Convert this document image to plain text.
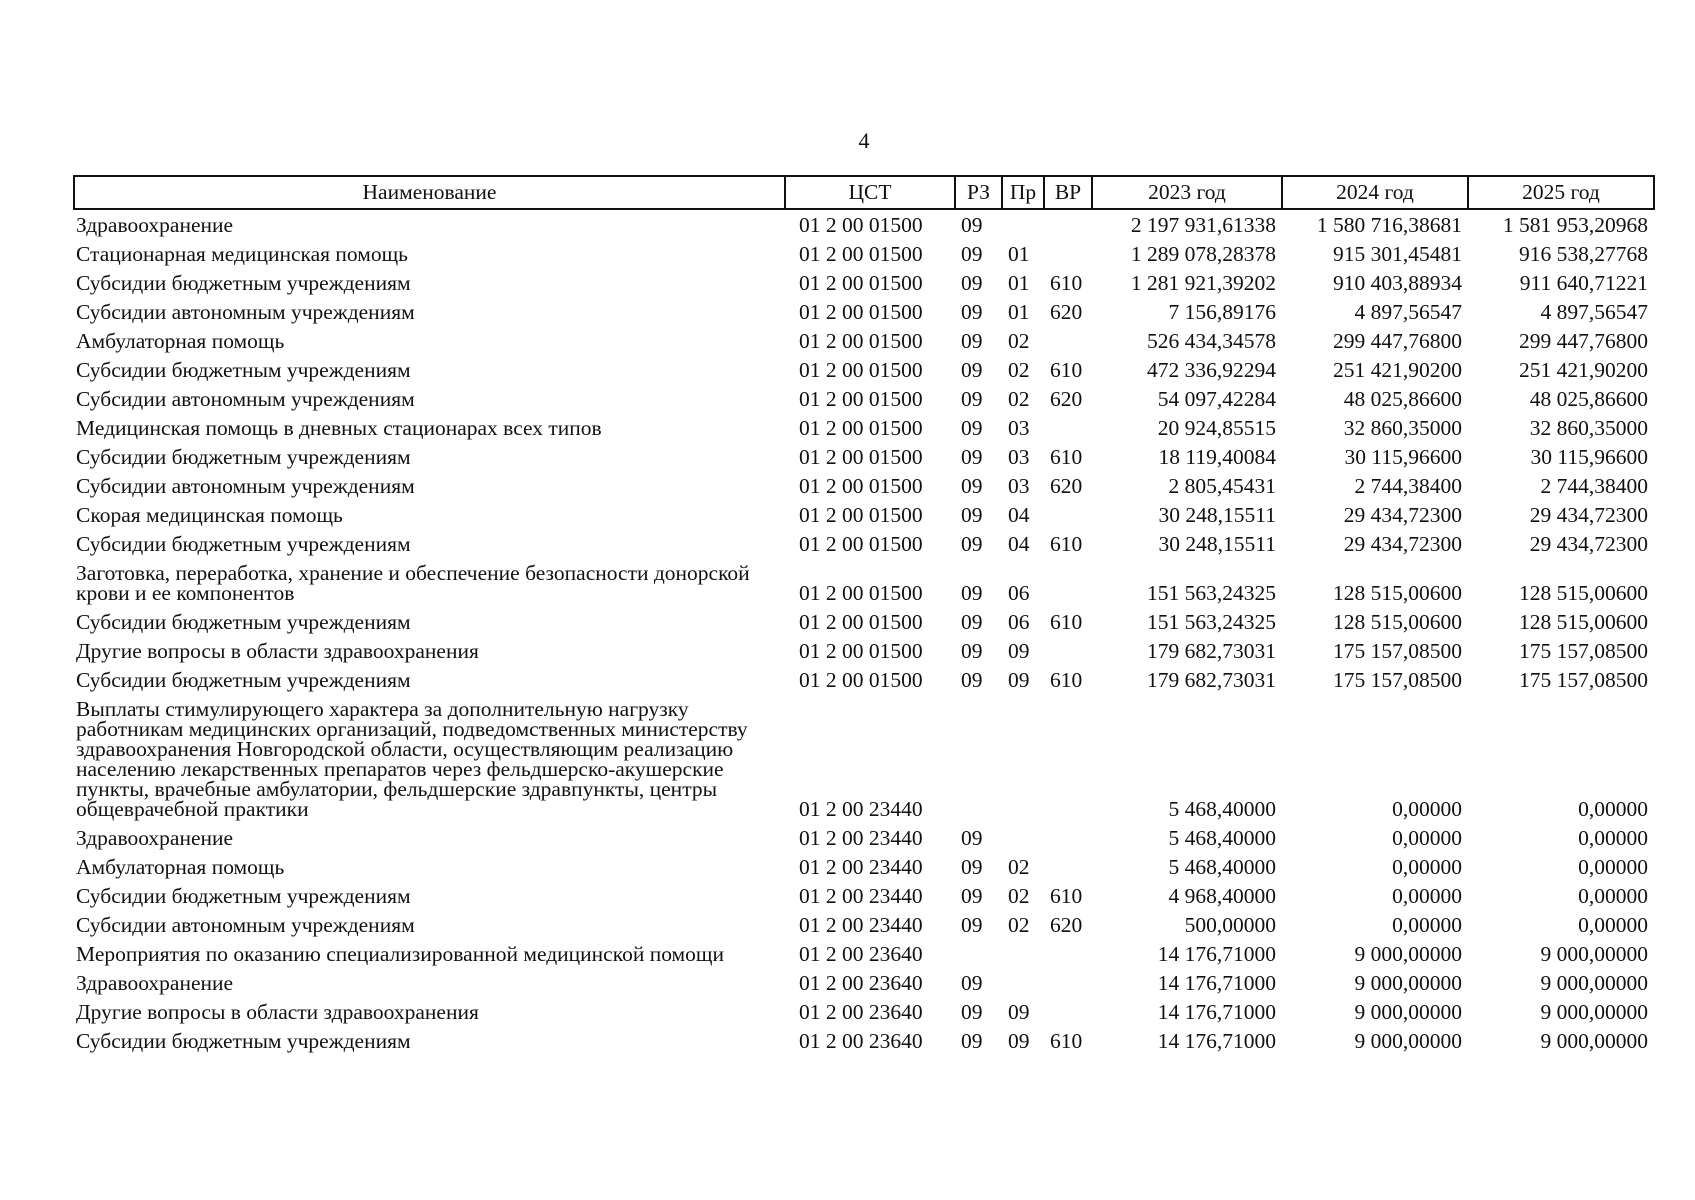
4
Наименование	ЦСТ	РЗ	Пр	ВР	2023 год	2024 год	2025 год
Здравоохранение	01 2 00 01500	09			2 197 931,61338	1 580 716,38681	1 581 953,20968
Стационарная медицинская помощь	01 2 00 01500	09	01		1 289 078,28378	915 301,45481	916 538,27768
Субсидии бюджетным учреждениям	01 2 00 01500	09	01	610	1 281 921,39202	910 403,88934	911 640,71221
Субсидии автономным учреждениям	01 2 00 01500	09	01	620	7 156,89176	4 897,56547	4 897,56547
Амбулаторная помощь	01 2 00 01500	09	02		526 434,34578	299 447,76800	299 447,76800
Субсидии бюджетным учреждениям	01 2 00 01500	09	02	610	472 336,92294	251 421,90200	251 421,90200
Субсидии автономным учреждениям	01 2 00 01500	09	02	620	54 097,42284	48 025,86600	48 025,86600
Медицинская помощь в дневных стационарах всех типов	01 2 00 01500	09	03		20 924,85515	32 860,35000	32 860,35000
Субсидии бюджетным учреждениям	01 2 00 01500	09	03	610	18 119,40084	30 115,96600	30 115,96600
Субсидии автономным учреждениям	01 2 00 01500	09	03	620	2 805,45431	2 744,38400	2 744,38400
Скорая медицинская помощь	01 2 00 01500	09	04		30 248,15511	29 434,72300	29 434,72300
Субсидии бюджетным учреждениям	01 2 00 01500	09	04	610	30 248,15511	29 434,72300	29 434,72300
Заготовка, переработка, хранение и обеспечение безопасности донорской крови и ее компонентов	01 2 00 01500	09	06		151 563,24325	128 515,00600	128 515,00600
Субсидии бюджетным учреждениям	01 2 00 01500	09	06	610	151 563,24325	128 515,00600	128 515,00600
Другие вопросы в области здравоохранения	01 2 00 01500	09	09		179 682,73031	175 157,08500	175 157,08500
Субсидии бюджетным учреждениям	01 2 00 01500	09	09	610	179 682,73031	175 157,08500	175 157,08500
Выплаты стимулирующего характера за дополнительную нагрузку работникам медицинских организаций, подведомственных министерству здравоохранения Новгородской области, осуществляющим реализацию населению лекарственных препаратов через фельдшерско-акушерские пункты, врачебные амбулатории, фельдшерские здравпункты, центры общеврачебной практики	01 2 00 23440				5 468,40000	0,00000	0,00000
Здравоохранение	01 2 00 23440	09			5 468,40000	0,00000	0,00000
Амбулаторная помощь	01 2 00 23440	09	02		5 468,40000	0,00000	0,00000
Субсидии бюджетным учреждениям	01 2 00 23440	09	02	610	4 968,40000	0,00000	0,00000
Субсидии автономным учреждениям	01 2 00 23440	09	02	620	500,00000	0,00000	0,00000
Мероприятия по оказанию специализированной медицинской помощи	01 2 00 23640				14 176,71000	9 000,00000	9 000,00000
Здравоохранение	01 2 00 23640	09			14 176,71000	9 000,00000	9 000,00000
Другие вопросы в области здравоохранения	01 2 00 23640	09	09		14 176,71000	9 000,00000	9 000,00000
Субсидии бюджетным учреждениям	01 2 00 23640	09	09	610	14 176,71000	9 000,00000	9 000,00000
